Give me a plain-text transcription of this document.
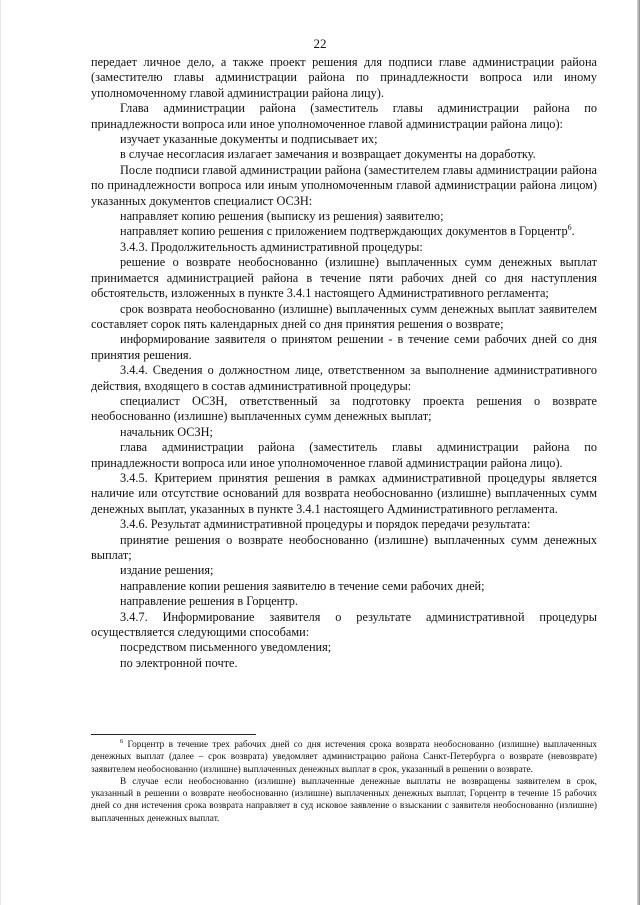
22

передает личное дело, а также проект решения для подписи главе администрации района (заместителю главы администрации района по принадлежности вопроса или иному уполномоченному главой администрации района лицу).

Глава администрации района (заместитель главы администрации района по принадлежности вопроса или иное уполномоченное главой администрации района лицо):

изучает указанные документы и подписывает их;

в случае несогласия излагает замечания и возвращает документы на доработку.

После подписи главой администрации района (заместителем главы администрации района по принадлежности вопроса или иным уполномоченным главой администрации района лицом) указанных документов специалист ОСЗН:

направляет копию решения (выписку из решения) заявителю;

направляет копию решения с приложением подтверждающих документов в Горцентр$^6$.

3.4.3. Продолжительность административной процедуры:

решение о возврате необоснованно (излишне) выплаченных сумм денежных выплат принимается администрацией района в течение пяти рабочих дней со дня наступления обстоятельств, изложенных в пункте 3.4.1 настоящего Административного регламента;

срок возврата необоснованно (излишне) выплаченных сумм денежных выплат заявителем составляет сорок пять календарных дней со дня принятия решения о возврате;

информирование заявителя о принятом решении - в течение семи рабочих дней со дня принятия решения.

3.4.4. Сведения о должностном лице, ответственном за выполнение административного действия, входящего в состав административной процедуры:

специалист ОСЗН, ответственный за подготовку проекта решения о возврате необоснованно (излишне) выплаченных сумм денежных выплат;

начальник ОСЗН;

глава администрации района (заместитель главы администрации района по принадлежности вопроса или иное уполномоченное главой администрации района лицо).

3.4.5. Критерием принятия решения в рамках административной процедуры является наличие или отсутствие оснований для возврата необоснованно (излишне) выплаченных сумм денежных выплат, указанных в пункте 3.4.1 настоящего Административного регламента.

3.4.6. Результат административной процедуры и порядок передачи результата:

принятие решения о возврате необоснованно (излишне) выплаченных сумм денежных выплат;

издание решения;

направление копии решения заявителю в течение семи рабочих дней;

направление решения в Горцентр.

3.4.7. Информирование заявителя о результате административной процедуры осуществляется следующими способами:

посредством письменного уведомления;

по электронной почте.

$^6$ Горцентр в течение трех рабочих дней со дня истечения срока возврата необоснованно (излишне) выплаченных денежных выплат (далее – срок возврата) уведомляет администрацию района Санкт-Петербурга о возврате (невозврате) заявителем необоснованно (излишне) выплаченных денежных выплат в срок, указанный в решении о возврате.

В случае если необоснованно (излишне) выплаченные денежные выплаты не возвращены заявителем в срок, указанный в решении о возврате необоснованно (излишне) выплаченных денежных выплат, Горцентр в течение 15 рабочих дней со дня истечения срока возврата направляет в суд исковое заявление о взыскании с заявителя необоснованно (излишне) выплаченных денежных выплат.
